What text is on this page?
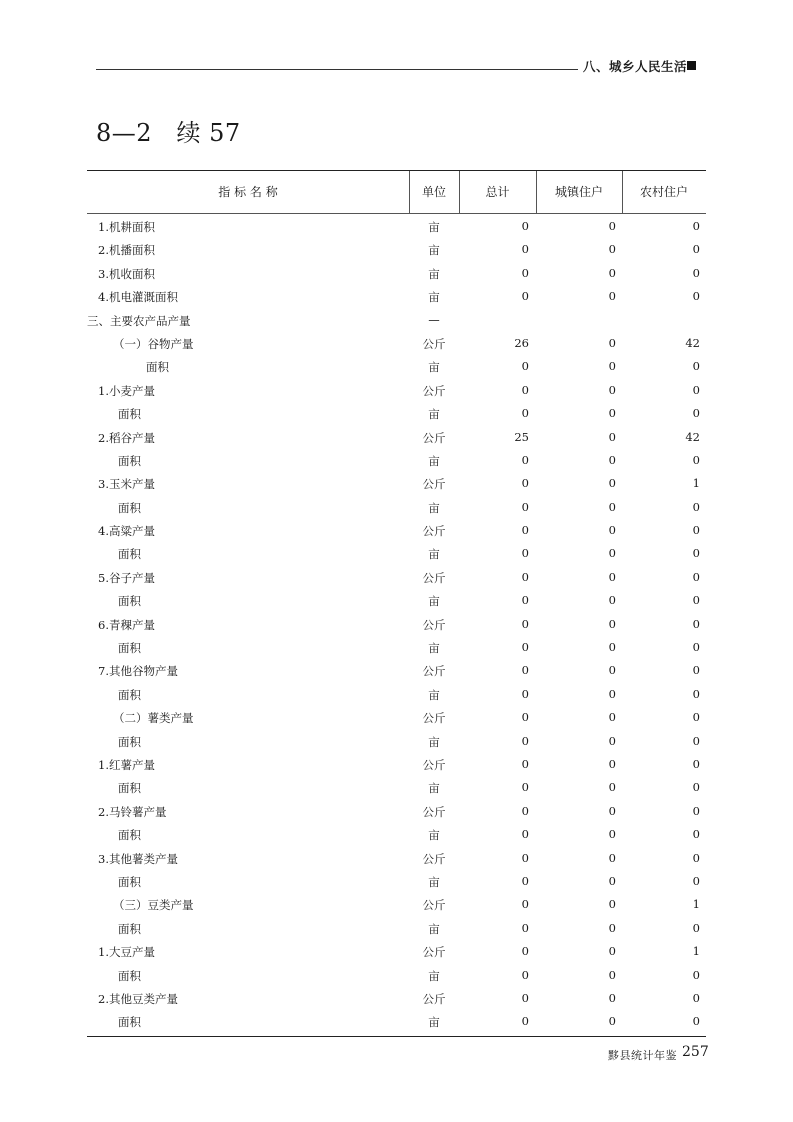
八、城乡人民生活
8—2　续 57
指 标 名 称	单位	总计	城镇住户	农村住户
1.机耕面积	亩	0	0	0
2.机播面积	亩	0	0	0
3.机收面积	亩	0	0	0
4.机电灌溉面积	亩	0	0	0
三、主要农产品产量	—
（一）谷物产量	公斤	26	0	42
面积	亩	0	0	0
1.小麦产量	公斤	0	0	0
面积	亩	0	0	0
2.稻谷产量	公斤	25	0	42
面积	亩	0	0	0
3.玉米产量	公斤	0	0	1
面积	亩	0	0	0
4.高粱产量	公斤	0	0	0
面积	亩	0	0	0
5.谷子产量	公斤	0	0	0
面积	亩	0	0	0
6.青稞产量	公斤	0	0	0
面积	亩	0	0	0
7.其他谷物产量	公斤	0	0	0
面积	亩	0	0	0
（二）薯类产量	公斤	0	0	0
面积	亩	0	0	0
1.红薯产量	公斤	0	0	0
面积	亩	0	0	0
2.马铃薯产量	公斤	0	0	0
面积	亩	0	0	0
3.其他薯类产量	公斤	0	0	0
面积	亩	0	0	0
（三）豆类产量	公斤	0	0	1
面积	亩	0	0	0
1.大豆产量	公斤	0	0	1
面积	亩	0	0	0
2.其他豆类产量	公斤	0	0	0
面积	亩	0	0	0
黟县统计年鉴 257
